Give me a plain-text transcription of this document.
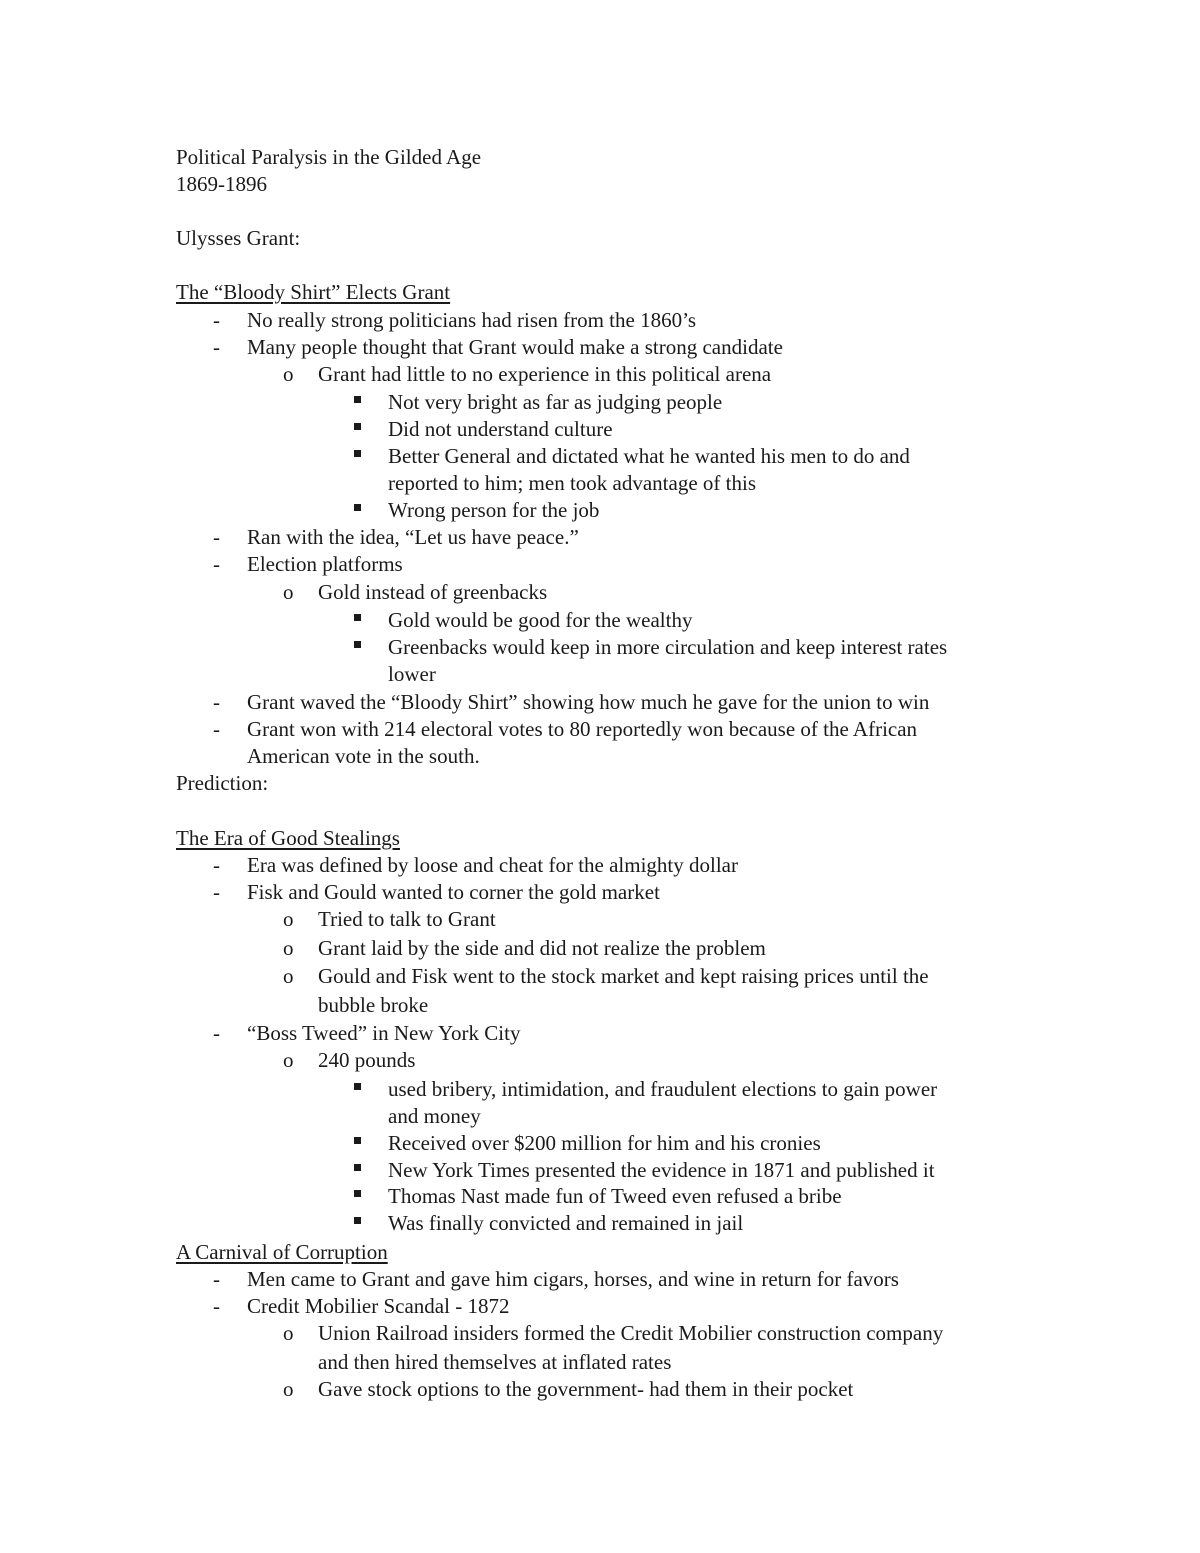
Political Paralysis in the Gilded Age
1869-1896
Ulysses Grant:
The “Bloody Shirt” Elects Grant
- No really strong politicians had risen from the 1860’s
- Many people thought that Grant would make a strong candidate
o Grant had little to no experience in this political arena
Not very bright as far as judging people
Did not understand culture
Better General and dictated what he wanted his men to do and
reported to him; men took advantage of this
Wrong person for the job
- Ran with the idea, “Let us have peace.”
- Election platforms
o Gold instead of greenbacks
Gold would be good for the wealthy
Greenbacks would keep in more circulation and keep interest rates
lower
- Grant waved the “Bloody Shirt” showing how much he gave for the union to win
- Grant won with 214 electoral votes to 80 reportedly won because of the African
American vote in the south.
Prediction:
The Era of Good Stealings
- Era was defined by loose and cheat for the almighty dollar
- Fisk and Gould wanted to corner the gold market
o Tried to talk to Grant
o Grant laid by the side and did not realize the problem
o Gould and Fisk went to the stock market and kept raising prices until the
bubble broke
- “Boss Tweed” in New York City
o 240 pounds
used bribery, intimidation, and fraudulent elections to gain power
and money
Received over $200 million for him and his cronies
New York Times presented the evidence in 1871 and published it
Thomas Nast made fun of Tweed even refused a bribe
Was finally convicted and remained in jail
A Carnival of Corruption
- Men came to Grant and gave him cigars, horses, and wine in return for favors
- Credit Mobilier Scandal - 1872
o Union Railroad insiders formed the Credit Mobilier construction company
and then hired themselves at inflated rates
o Gave stock options to the government- had them in their pocket
